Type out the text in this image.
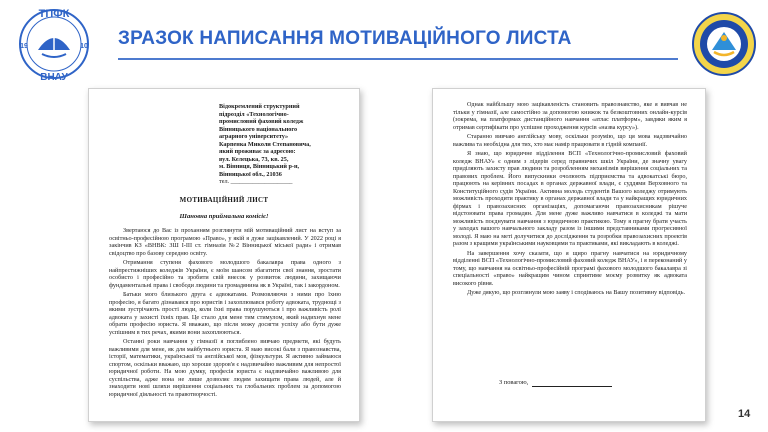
ТПФК
ВНАУ
19	10 ЗРАЗОК НАПИСАННЯ МОТИВАЦІЙНОГО ЛИСТА
Відокремлений структурний
підрозділ «Технологічно-
промисловий фаховий коледж
Вінницького національного
аграрного університету»
Карпенка Миколи Степановича,
який проживає за адресою:
вул. Келецька, 73, кв. 25,
м. Вінниця, Вінницький р-н,
Вінницької обл., 21036
тел. ____________________
МОТИВАЦІЙНИЙ ЛИСТ
Шановна приймальна комісіє!

Звертаюся до Вас із проханням розглянути мій мотиваційний лист на вступ за освітньо-професійною програмою «Право», у якій я дуже зацікавлений. У 2022 році я закінчив КЗ «ВНВК: ЗШ І-ІІІ ст. гімназія №2 Вінницької міської ради» і отримав свідоцтво про базову середню освіту.

Отримання ступеня фахового молодшого бакалавра права одного з найпрестижніших коледжів України, є моїм шансом збагатити свої знання, зростати особисто і професійно та зробити свій внесок у розвиток людини, захищаючи фундаментальні права і свободи людини та громадянина як в Україні, так і закордоном.

Батьки мого близького друга є адвокатами. Розмовляючи з ними про їхню професію, я багато дізнавався про юристів і захоплювався роботу адвоката, труднощі з якими зустрічають прості люди, коли їхні права порушуються і про важливість ролі адвоката у захисті їхніх прав. Це стало для мене тим стимулом, який надихнув мене обрати професію юриста. Я вважаю, що після можу досягти успіху або бути дуже успішним в тих речах, якими вони захоплюються.

Останні роки навчання у гімназії я поглиблено вивчаю предмети, які будуть важливими для мене, як для майбутнього юриста. Я маю високі бали з правознавства, історії, математики, української та англійської мов, фізкультури. Я активно займаюся спортом, оскільки вважаю, що хороше здоров'я є надзвичайно важливим для непростої юридичної роботи. На мою думку, професія юриста є надзвичайно важливою для суспільства, адже вона не лише дозволяє людям захищати права людей, але й знаходити нові шляхи вирішення соціальних та глобальних проблем за допомогою юридичної діяльності та правотворчості.

Однак найбільшу мою зацікавленість становить правознавство, яке я вивчав не тільки у гімназії, але самостійно за допомогою книжок та безкоштовних онлайн-курсів (зокрема, на платформах дистанційного навчання «атлас платформ», завдяки яким я отримав сертифікати про успішне проходження курсів «назва курсу»).

Старанно вивчаю англійську мову, оскільки розумію, що ця мова надзвичайно важлива та необхідна для тих, хто має намір працювати в гідній компанії.

Я знаю, що юридичне відділення ВСП «Технологічно-промисловий фаховий коледж ВНАУ» є одним з лідерів серед правничих шкіл України, де значну увагу приділяють захисту прав людини та розробленням механізмів вирішення соціальних та правових проблем. Його випускники очолюють підприємства та адвокатські бюро, працюють на керівних посадах в органах державної влади, є суддями Верховного та Конституційного судів України. Активна молодь студентів Вашого коледжу отримують можливість проходити практику в органах державної влади та у найкращих юридичних фірмах і правозахисних організаціях, допомагаючи правозахисникам рішуче відстоювати права громадян. Для мене дуже важливо навчатися в коледжі та мати можливість поєднувати навчання з юридичною практикою. Тому я прагну брати участь у заходах вашого навчального закладу разом із іншими представниками прогресивної молоді. Я маю на меті долучитися до дослідження та розробки правозахисних проектів разом з кращими українськими науковцями та практиками, які викладають в коледжі.

На завершення хочу сказати, що я щиро прагну навчатися на юридичному відділенні ВСП «Технологічно-промисловий фаховий коледж ВНАУ», і я переконаний у тому, що навчання на освітньо-професійній програмі фахового молодшого бакалавра зі спеціальності «право» найкращим чином сприятиме моєму розвитку як адвоката високого рівня.

Дуже дякую, що розглянули мою заяву і сподіваюсь на Вашу позитивну відповідь.

З повагою,
14
